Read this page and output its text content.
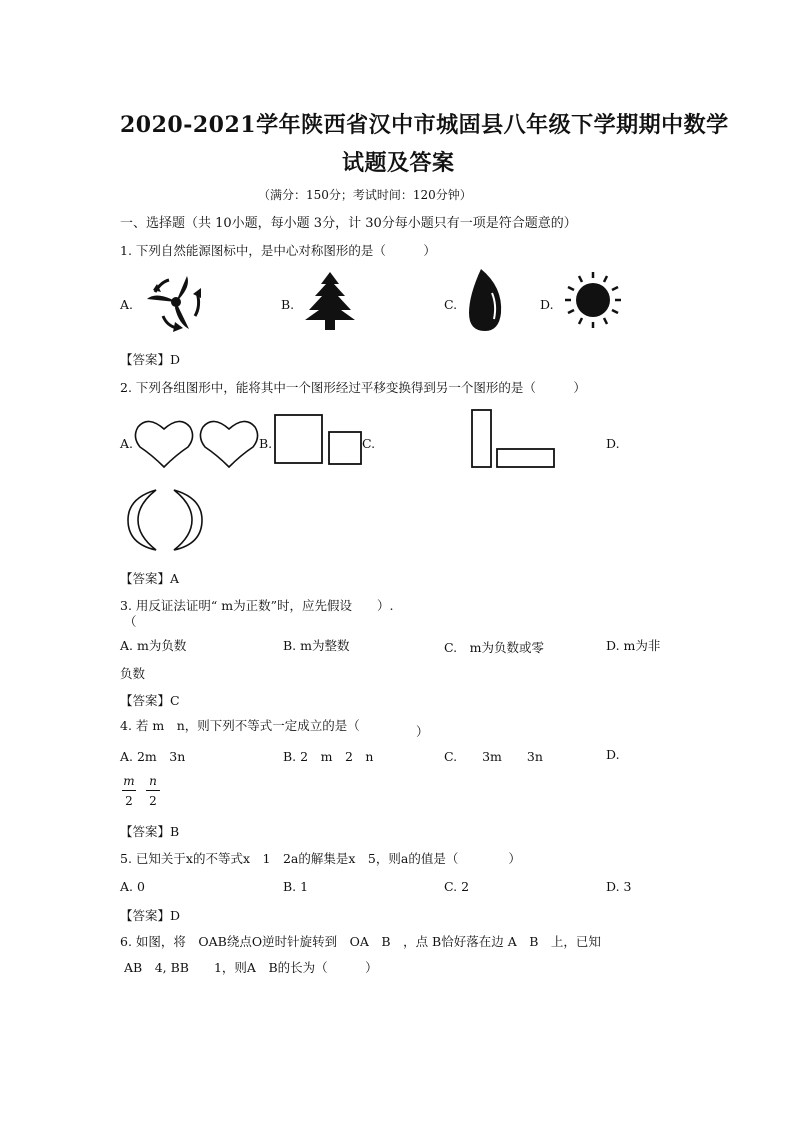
2020-2021学年陕西省汉中市城固县八年级下学期期中数学
试题及答案
（满分：150分；考试时间：120分钟）
一、选择题（共 10小题，每小题 3分，计 30分每小题只有一项是符合题意的）
1. 下列自然能源图标中，是中心对称图形的是（　　　）
A.	B.	C.	D.
【答案】D
2. 下列各组图形中，能将其中一个图形经过平移变换得到另一个图形的是（　　　）
A.	B.	C.	D.
【答案】A
3. 用反证法证明“ m为正数”时，应先假设　　）.
（
A. m为负数	B. m为整数	C.　m为负数或零	D. m为非
负数
【答案】C
4. 若 m　n，则下列不等式一定成立的是（	）
A. 2m　3n	B. 2　m　2　n	C.　　3m　　3n	D.
$\frac{m}{2} \frac{n}{2}$
【答案】B
5. 已知关于x的不等式x　1　2a的解集是x　5，则a的值是（　　　　）
A. 0	B. 1	C. 2	D. 3
【答案】D
6. 如图，将　OAB绕点O逆时针旋转到　OA　B　，点 B恰好落在边 A　B　上，已知
AB　4, BB　　1，则A　B的长为（　　　）
